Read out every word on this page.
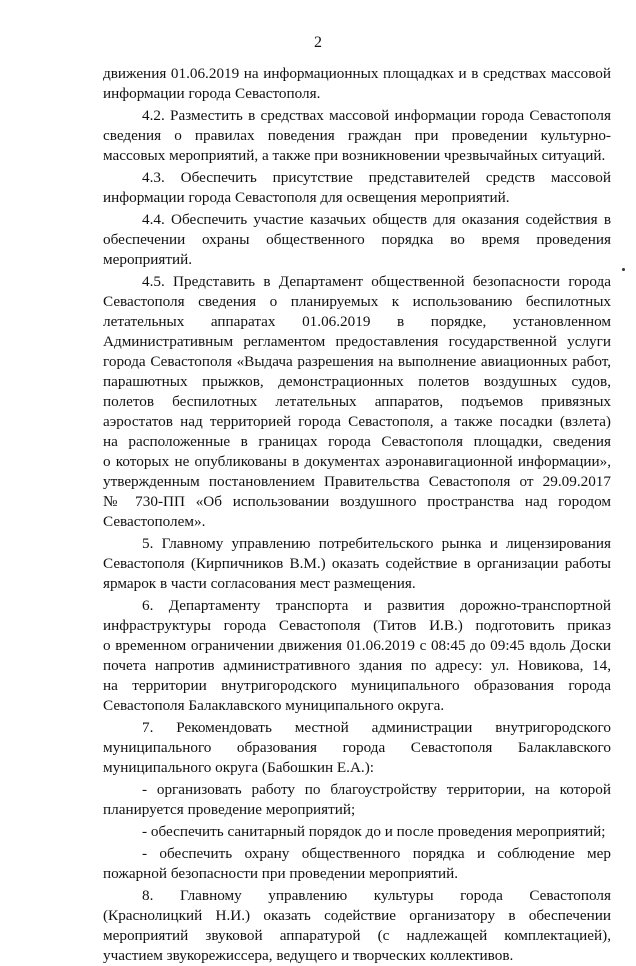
2
движения 01.06.2019 на информационных площадках и в средствах массовой
информации города Севастополя.
4.2. Разместить в средствах массовой информации города Севастополя
сведения о правилах поведения граждан при проведении культурно-
массовых мероприятий, а также при возникновении чрезвычайных ситуаций.
4.3. Обеспечить присутствие представителей средств массовой
информации города Севастополя для освещения мероприятий.
4.4. Обеспечить участие казачьих обществ для оказания содействия в
обеспечении охраны общественного порядка во время проведения
мероприятий.
4.5. Представить в Департамент общественной безопасности города
Севастополя сведения о планируемых к использованию беспилотных
летательных аппаратах 01.06.2019 в порядке, установленном
Административным регламентом предоставления государственной услуги
города Севастополя «Выдача разрешения на выполнение авиационных работ,
парашютных прыжков, демонстрационных полетов воздушных судов,
полетов беспилотных летательных аппаратов, подъемов привязных
аэростатов над территорией города Севастополя, а также посадки (взлета)
на расположенные в границах города Севастополя площадки, сведения
о которых не опубликованы в документах аэронавигационной информации»,
утвержденным постановлением Правительства Севастополя от 29.09.2017
№ 730-ПП «Об использовании воздушного пространства над городом
Севастополем».
5. Главному управлению потребительского рынка и лицензирования
Севастополя (Кирпичников В.М.) оказать содействие в организации работы
ярмарок в части согласования мест размещения.
6. Департаменту транспорта и развития дорожно-транспортной
инфраструктуры города Севастополя (Титов И.В.) подготовить приказ
о временном ограничении движения 01.06.2019 с 08:45 до 09:45 вдоль Доски
почета напротив административного здания по адресу: ул. Новикова, 14,
на территории внутригородского муниципального образования города
Севастополя Балаклавского муниципального округа.
7. Рекомендовать местной администрации внутригородского
муниципального образования города Севастополя Балаклавского
муниципального округа (Бабошкин Е.А.):
- организовать работу по благоустройству территории, на которой
планируется проведение мероприятий;
- обеспечить санитарный порядок до и после проведения мероприятий;
- обеспечить охрану общественного порядка и соблюдение мер
пожарной безопасности при проведении мероприятий.
8. Главному управлению культуры города Севастополя
(Краснолицкий Н.И.) оказать содействие организатору в обеспечении
мероприятий звуковой аппаратурой (с надлежащей комплектацией),
участием звукорежиссера, ведущего и творческих коллективов.
